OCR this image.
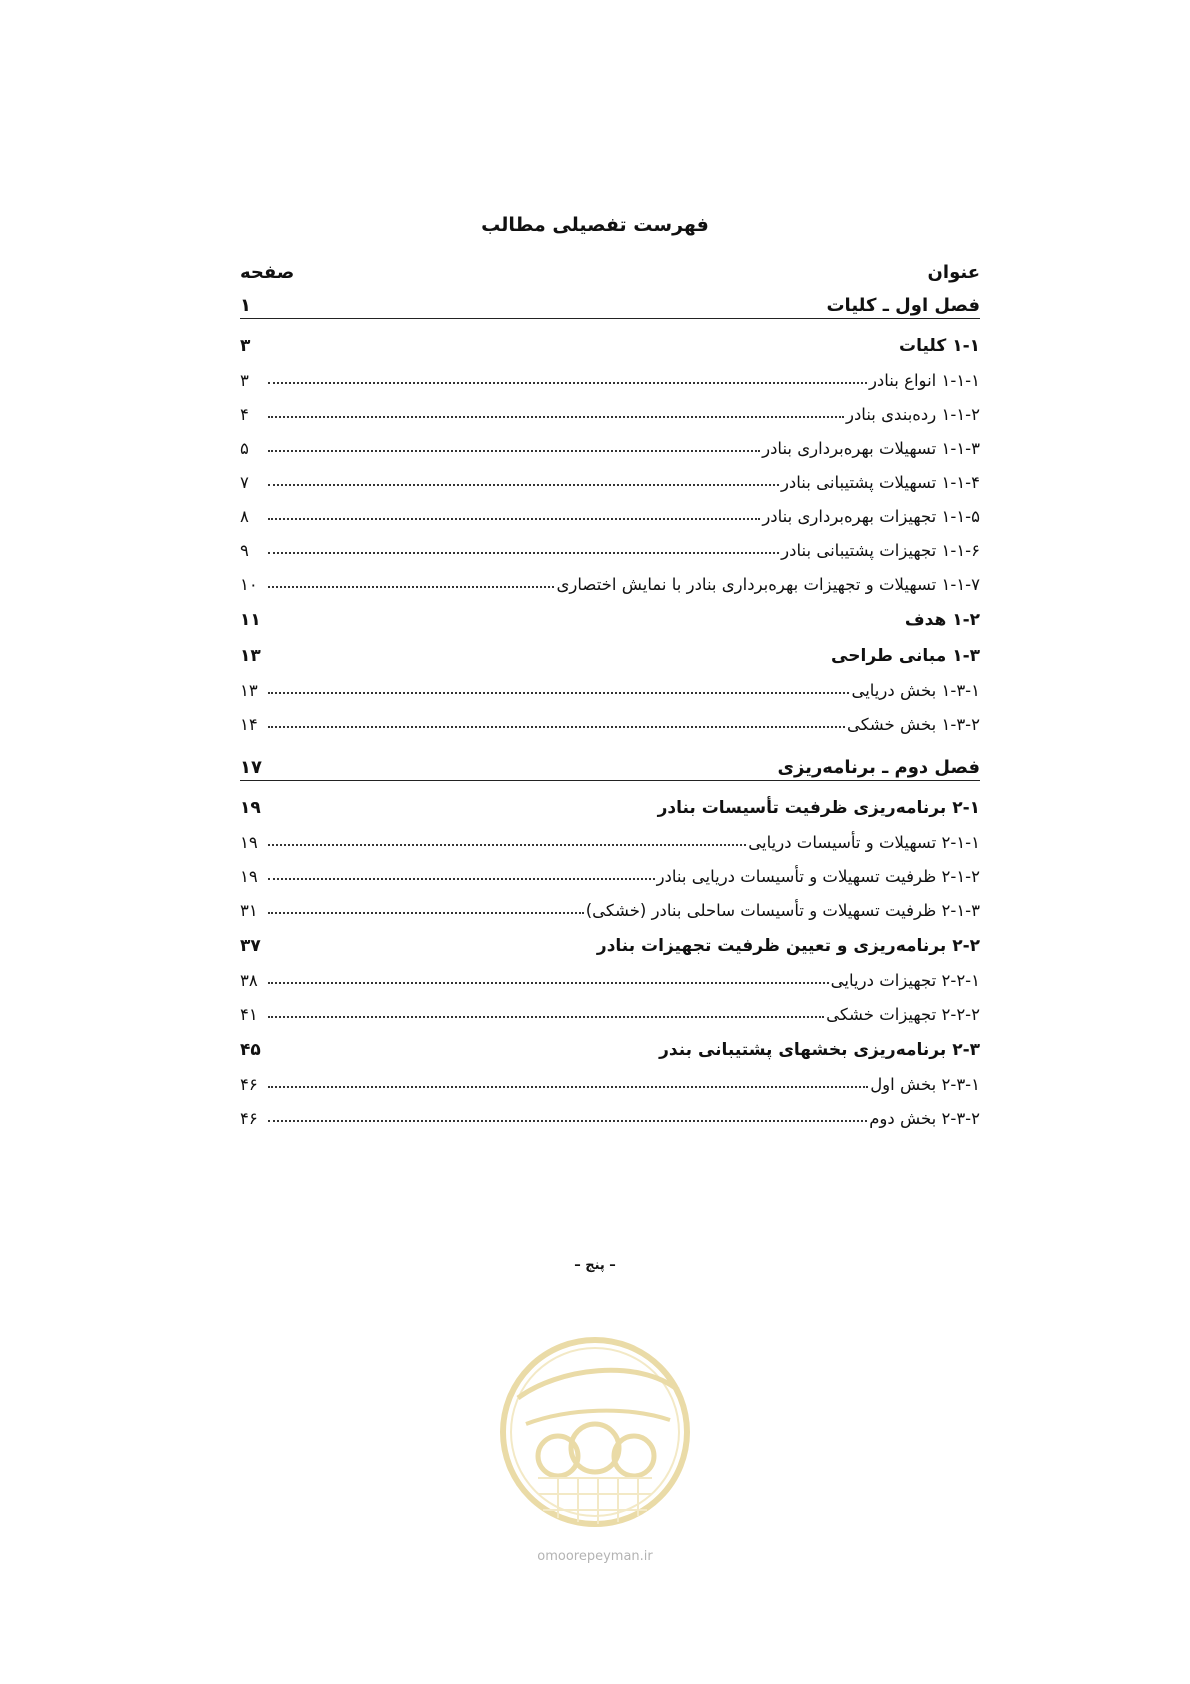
فهرست تفصیلی مطالب
عنوان
صفحه
فصل اول ـ کلیات
۱
۱-۱ کلیات
۳
۱-۱-۱ انواع بنادر
۳
۱-۱-۲ رده‌بندی بنادر
۴
۱-۱-۳ تسهیلات بهره‌برداری بنادر
۵
۱-۱-۴ تسهیلات پشتیبانی بنادر
۷
۱-۱-۵ تجهیزات بهره‌برداری بنادر
۸
۱-۱-۶ تجهیزات پشتیبانی بنادر
۹
۱-۱-۷ تسهیلات و تجهیزات بهره‌برداری بنادر با نمایش اختصاری
۱۰
۱-۲ هدف
۱۱
۱-۳ مبانی طراحی
۱۳
۱-۳-۱ بخش دریایی
۱۳
۱-۳-۲ بخش خشکی
۱۴
فصل دوم ـ برنامه‌ریزی
۱۷
۲-۱ برنامه‌ریزی ظرفیت تأسیسات بنادر
۱۹
۲-۱-۱ تسهیلات و تأسیسات دریایی
۱۹
۲-۱-۲ ظرفیت تسهیلات و تأسیسات دریایی بنادر
۱۹
۲-۱-۳ ظرفیت تسهیلات و تأسیسات ساحلی بنادر (خشکی)
۳۱
۲-۲ برنامه‌ریزی و تعیین ظرفیت تجهیزات بنادر
۳۷
۲-۲-۱ تجهیزات دریایی
۳۸
۲-۲-۲ تجهیزات خشکی
۴۱
۲-۳ برنامه‌ریزی بخشهای پشتیبانی بندر
۴۵
۲-۳-۱ بخش اول
۴۶
۲-۳-۲ بخش دوم
۴۶
– پنج –
omoorepeyman.ir
